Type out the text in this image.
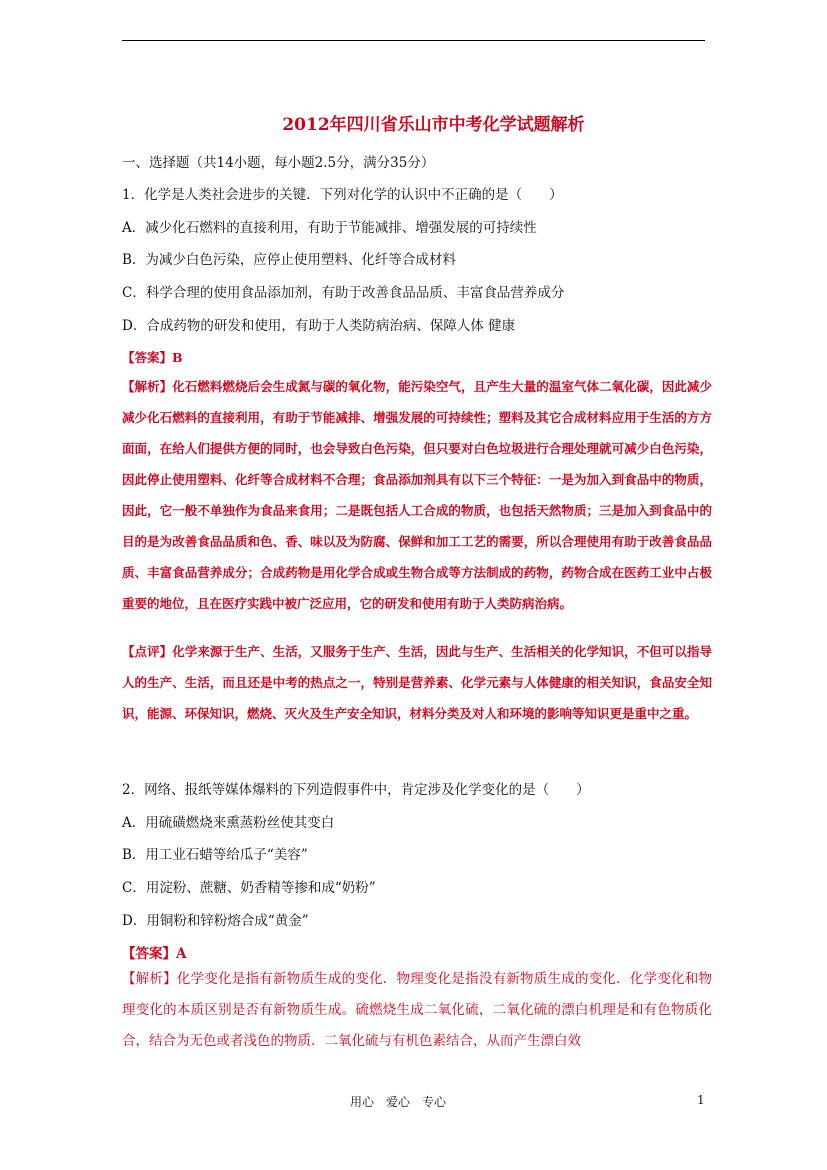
2012年四川省乐山市中考化学试题解析
一、选择题（共14小题，每小题2.5分，满分35分）
1．化学是人类社会进步的关键．下列对化学的认识中不正确的是（　　）
A．减少化石燃料的直接利用，有助于节能减排、增强发展的可持续性
B．为减少白色污染，应停止使用塑料、化纤等合成材料
C．科学合理的使用食品添加剂，有助于改善食品品质、丰富食品营养成分
D．合成药物的研发和使用，有助于人类防病治病、保障人体 健康
【答案】B
【解析】化石燃料燃烧后会生成氮与碳的氧化物，能污染空气，且产生大量的温室气体二氧化碳，因此减少减少化石燃料的直接利用，有助于节能减排、增强发展的可持续性；塑料及其它合成材料应用于生活的方方面面，在给人们提供方便的同时，也会导致白色污染，但只要对白色垃圾进行合理处理就可减少白色污染，因此停止使用塑料、化纤等合成材料不合理；食品添加剂具有以下三个特征：一是为加入到食品中的物质，因此，它一般不单独作为食品来食用；二是既包括人工合成的物质，也包括天然物质；三是加入到食品中的目的是为改善食品品质和色、香、味以及为防腐、保鲜和加工工艺的需要，所以合理使用有助于改善食品品质、丰富食品营养成分；合成药物是用化学合成或生物合成等方法制成的药物，药物合成在医药工业中占极重要的地位，且在医疗实践中被广泛应用，它的研发和使用有助于人类防病治病。
【点评】化学来源于生产、生活，又服务于生产、生活，因此与生产、生活相关的化学知识，不但可以指导人的生产、生活，而且还是中考的热点之一，特别是营养素、化学元素与人体健康的相关知识，食品安全知识，能源、环保知识，燃烧、灭火及生产安全知识，材料分类及对人和环境的影响等知识更是重中之重。
2．网络、报纸等媒体爆料的下列造假事件中，肯定涉及化学变化的是（　　）
A．用硫磺燃烧来熏蒸粉丝使其变白
B．用工业石蜡等给瓜子“美容”
C．用淀粉、蔗糖、奶香精等掺和成“奶粉”
D．用铜粉和锌粉熔合成“黄金”
【答案】A
【解析】化学变化是指有新物质生成的变化．物理变化是指没有新物质生成的变化．化学变化和物理变化的本质区别是否有新物质生成。硫燃烧生成二氧化硫，二氧化硫的漂白机理是和有色物质化合，结合为无色或者浅色的物质．二氧化硫与有机色素结合，从而产生漂白效
用心　爱心　专心	1
